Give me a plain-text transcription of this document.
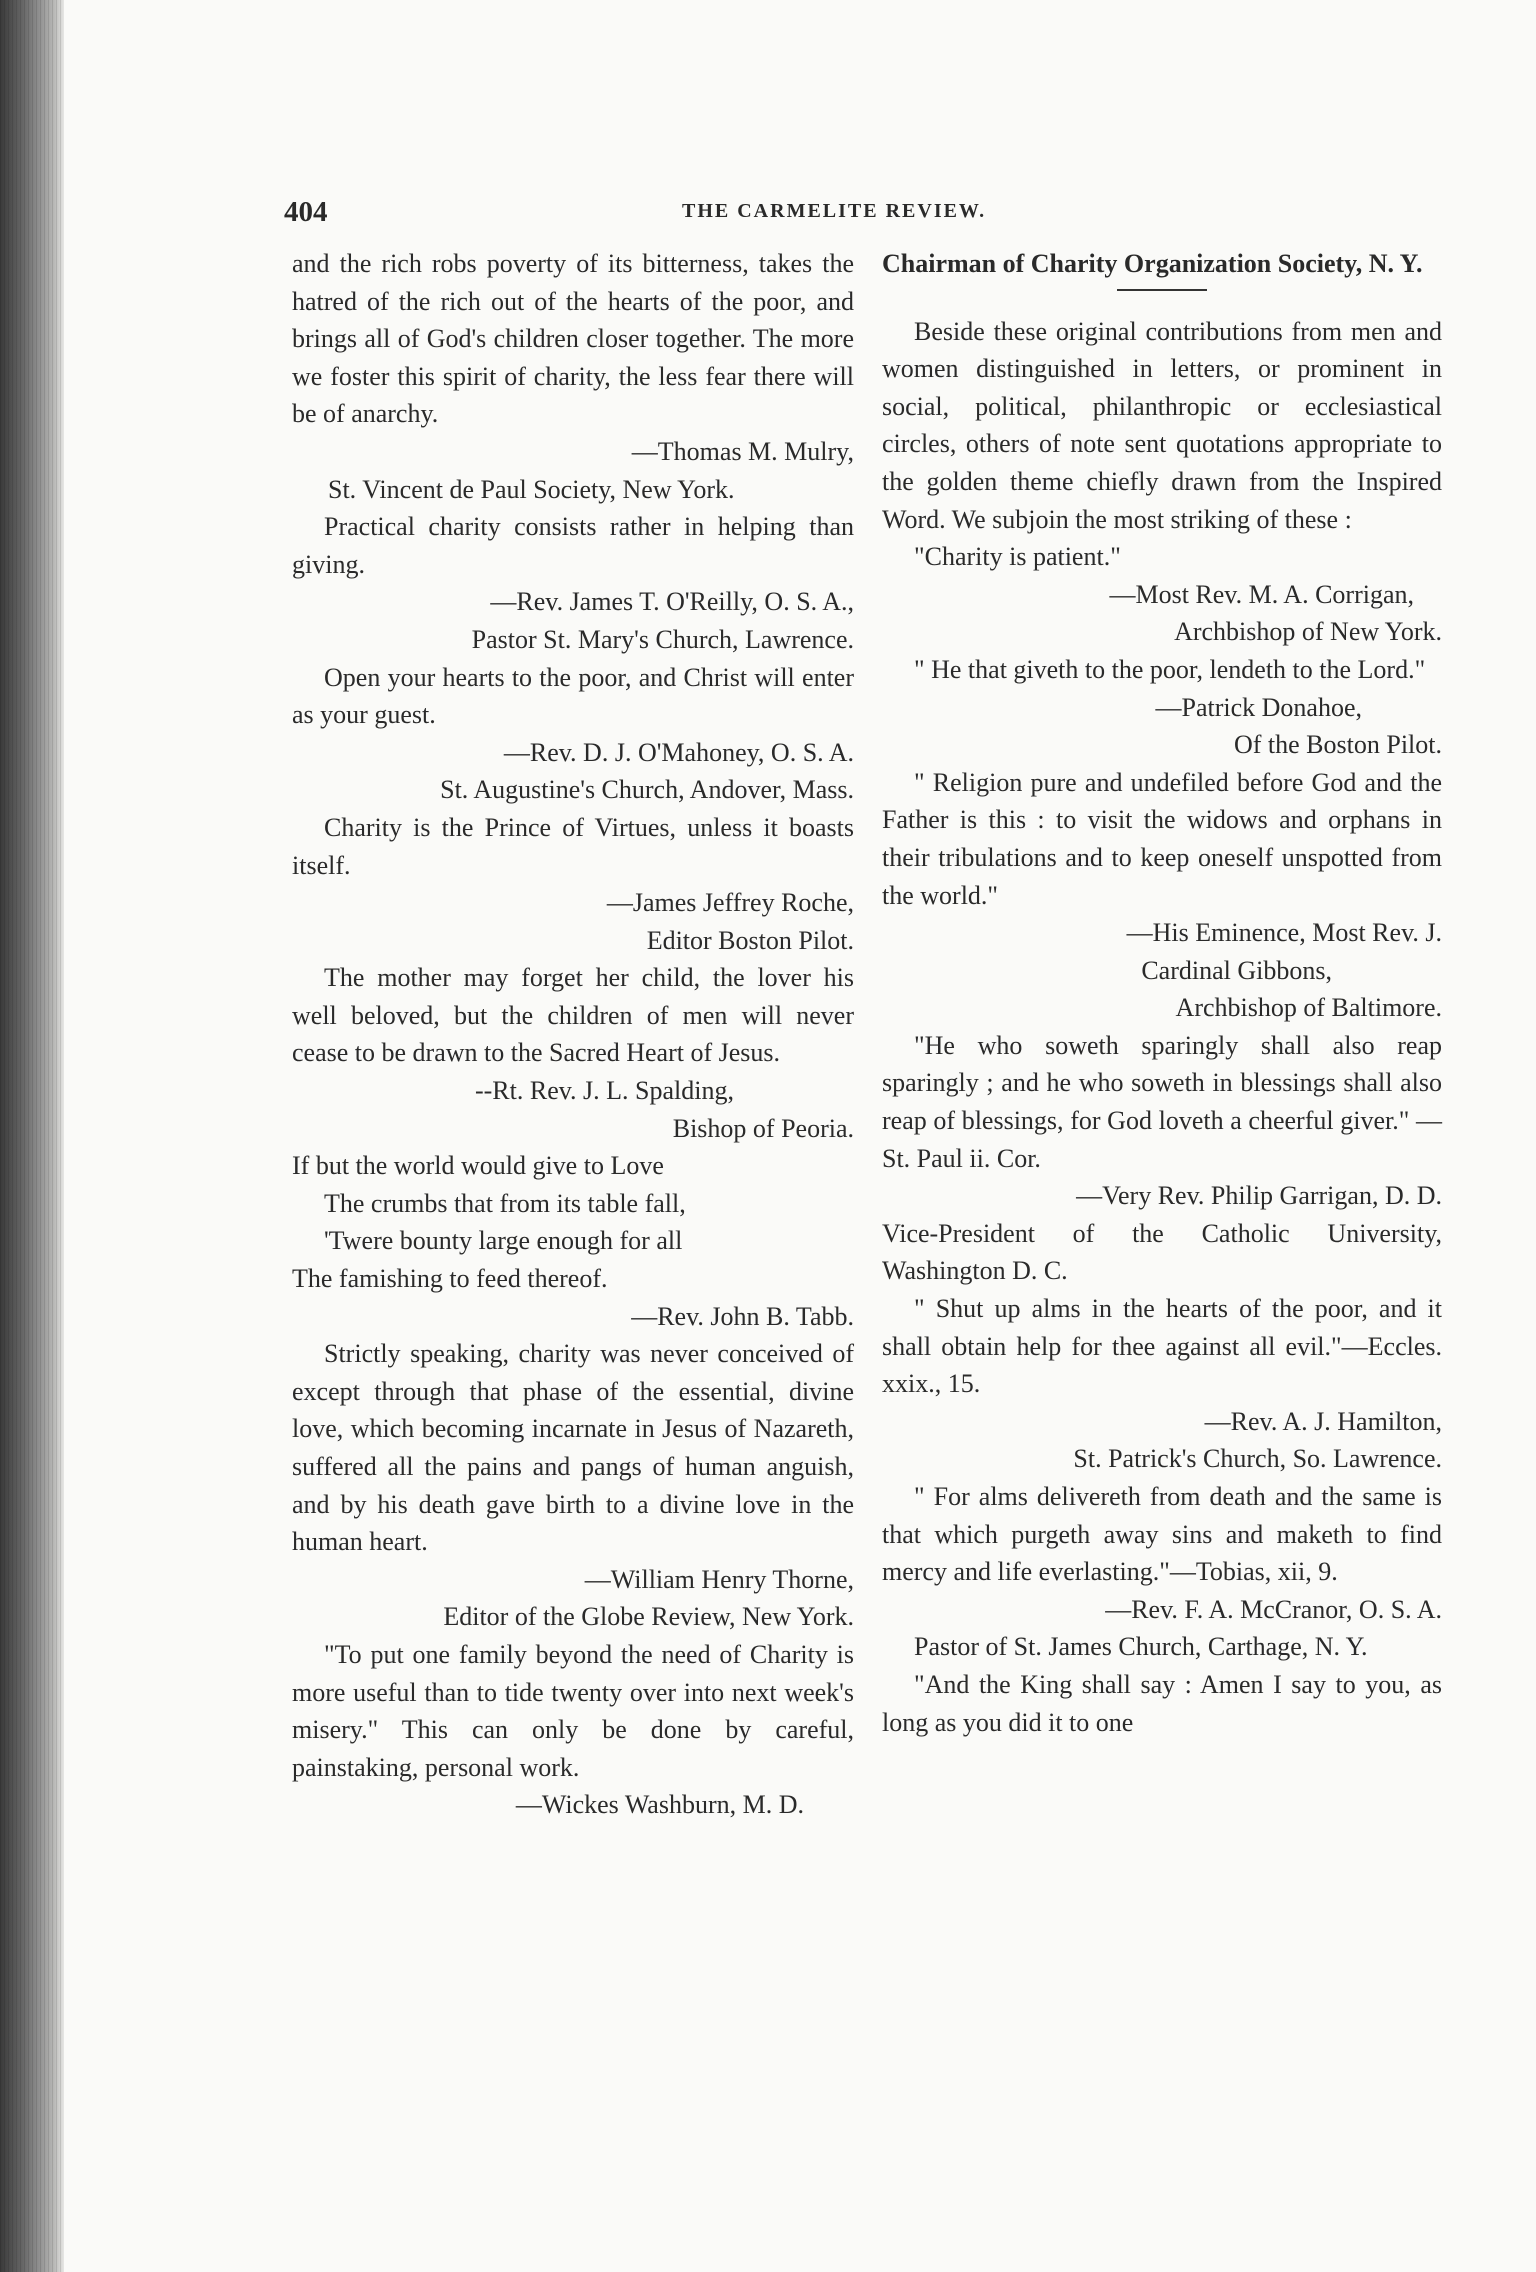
404	THE CARMELITE REVIEW.

and the rich robs poverty of its bitterness, takes the hatred of the rich out of the hearts of the poor, and brings all of God's children closer together. The more we foster this spirit of charity, the less fear there will be of anarchy.

—Thomas M. Mulry,

St. Vincent de Paul Society, New York.

Practical charity consists rather in helping than giving.

—Rev. James T. O'Reilly, O. S. A.,

Pastor St. Mary's Church, Lawrence.

Open your hearts to the poor, and Christ will enter as your guest.

—Rev. D. J. O'Mahoney, O. S. A.

St. Augustine's Church, Andover, Mass.

Charity is the Prince of Virtues, unless it boasts itself.

—James Jeffrey Roche,

Editor Boston Pilot.

The mother may forget her child, the lover his well beloved, but the children of men will never cease to be drawn to the Sacred Heart of Jesus.

--Rt. Rev. J. L. Spalding,

Bishop of Peoria.

If but the world would give to Love

The crumbs that from its table fall,

'Twere bounty large enough for all

The famishing to feed thereof.

—Rev. John B. Tabb.

Strictly speaking, charity was never conceived of except through that phase of the essential, divine love, which becoming incarnate in Jesus of Nazareth, suffered all the pains and pangs of human anguish, and by his death gave birth to a divine love in the human heart.

—William Henry Thorne,

Editor of the Globe Review, New York.

"To put one family beyond the need of Charity is more useful than to tide twenty over into next week's misery." This can only be done by careful, painstaking, personal work.

—Wickes Washburn, M. D.

Chairman of Charity Organization Society, N. Y.

Beside these original contributions from men and women distinguished in letters, or prominent in social, political, philanthropic or ecclesiastical circles, others of note sent quotations appropriate to the golden theme chiefly drawn from the Inspired Word. We subjoin the most striking of these :

"Charity is patient."

—Most Rev. M. A. Corrigan,

Archbishop of New York.

" He that giveth to the poor, lendeth to the Lord."

—Patrick Donahoe,

Of the Boston Pilot.

" Religion pure and undefiled before God and the Father is this : to visit the widows and orphans in their tribulations and to keep oneself unspotted from the world."

—His Eminence, Most Rev. J.

Cardinal Gibbons,

Archbishop of Baltimore.

"He who soweth sparingly shall also reap sparingly ; and he who soweth in blessings shall also reap of blessings, for God loveth a cheerful giver." —St. Paul ii. Cor.

—Very Rev. Philip Garrigan, D. D.

Vice-President of the Catholic University, Washington D. C.

" Shut up alms in the hearts of the poor, and it shall obtain help for thee against all evil."—Eccles. xxix., 15.

—Rev. A. J. Hamilton,

St. Patrick's Church, So. Lawrence.

" For alms delivereth from death and the same is that which purgeth away sins and maketh to find mercy and life everlasting."—Tobias, xii, 9.

—Rev. F. A. McCranor, O. S. A.

Pastor of St. James Church, Carthage, N. Y.

"And the King shall say : Amen I say to you, as long as you did it to one
